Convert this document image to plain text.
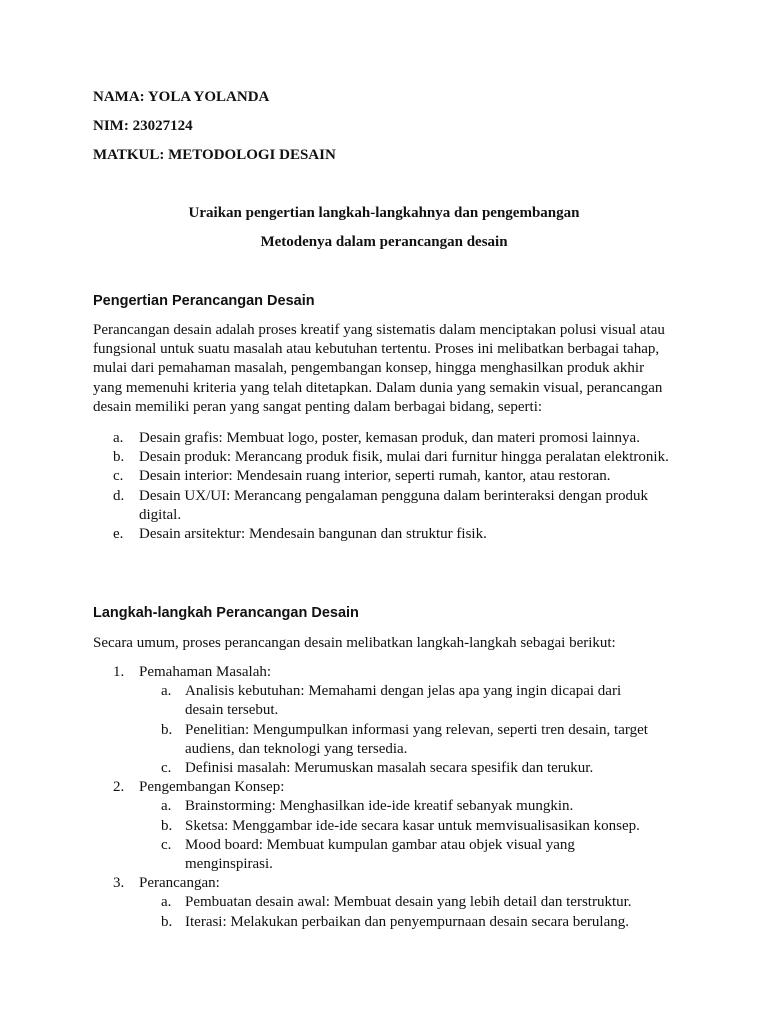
NAMA: YOLA YOLANDA

NIM: 23027124

MATKUL: METODOLOGI DESAIN

Uraikan pengertian langkah-langkahnya dan pengembangan

Metodenya dalam perancangan desain

Pengertian Perancangan Desain

Perancangan desain adalah proses kreatif yang sistematis dalam menciptakan polusi visual atau fungsional untuk suatu masalah atau kebutuhan tertentu. Proses ini melibatkan berbagai tahap, mulai dari pemahaman masalah, pengembangan konsep, hingga menghasilkan produk akhir yang memenuhi kriteria yang telah ditetapkan. Dalam dunia yang semakin visual, perancangan desain memiliki peran yang sangat penting dalam berbagai bidang, seperti:

a. Desain grafis: Membuat logo, poster, kemasan produk, dan materi promosi lainnya.
b. Desain produk: Merancang produk fisik, mulai dari furnitur hingga peralatan elektronik.
c. Desain interior: Mendesain ruang interior, seperti rumah, kantor, atau restoran.
d. Desain UX/UI: Merancang pengalaman pengguna dalam berinteraksi dengan produk digital.
e. Desain arsitektur: Mendesain bangunan dan struktur fisik.

Langkah-langkah Perancangan Desain

Secara umum, proses perancangan desain melibatkan langkah-langkah sebagai berikut:

1. Pemahaman Masalah:
a. Analisis kebutuhan: Memahami dengan jelas apa yang ingin dicapai dari desain tersebut.
b. Penelitian: Mengumpulkan informasi yang relevan, seperti tren desain, target audiens, dan teknologi yang tersedia.
c. Definisi masalah: Merumuskan masalah secara spesifik dan terukur.
2. Pengembangan Konsep:
a. Brainstorming: Menghasilkan ide-ide kreatif sebanyak mungkin.
b. Sketsa: Menggambar ide-ide secara kasar untuk memvisualisasikan konsep.
c. Mood board: Membuat kumpulan gambar atau objek visual yang menginspirasi.
3. Perancangan:
a. Pembuatan desain awal: Membuat desain yang lebih detail dan terstruktur.
b. Iterasi: Melakukan perbaikan dan penyempurnaan desain secara berulang.
